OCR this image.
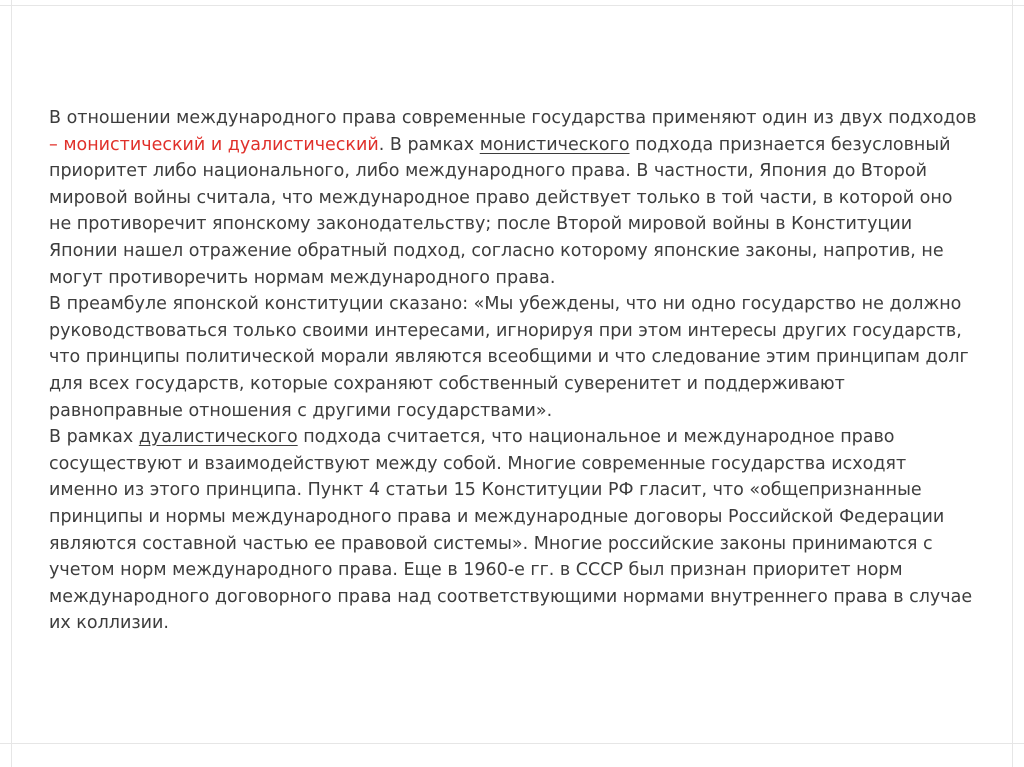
В отношении международного права современные государства применяют один из двух подходов – монистический и дуалистический. В рамках монистического подхода признается безусловный приоритет либо национального, либо международного права. В частности, Япония до Второй мировой войны считала, что международное право действует только в той части, в которой оно не противоречит японскому законодательству; после Второй мировой войны в Конституции Японии нашел отражение обратный подход, согласно которому японские законы, напротив, не могут противоречить нормам международного права.

В преамбуле японской конституции сказано: «Мы убеждены, что ни одно государство не должно руководствоваться только своими интересами, игнорируя при этом интересы других государств, что принципы политической морали являются всеобщими и что следование этим принципам долг для всех государств, которые сохраняют собственный суверенитет и поддерживают равноправные отношения с другими государствами».

В рамках дуалистического подхода считается, что национальное и международное право сосуществуют и взаимодействуют между собой. Многие современные государства исходят именно из этого принципа. Пункт 4 статьи 15 Конституции РФ гласит, что «общепризнанные принципы и нормы международного права и международные договоры Российской Федерации являются составной частью ее правовой системы». Многие российские законы принимаются с учетом норм международного права. Еще в 1960-е гг. в СССР был признан приоритет норм международного договорного права над соответствующими нормами внутреннего права в случае их коллизии.
